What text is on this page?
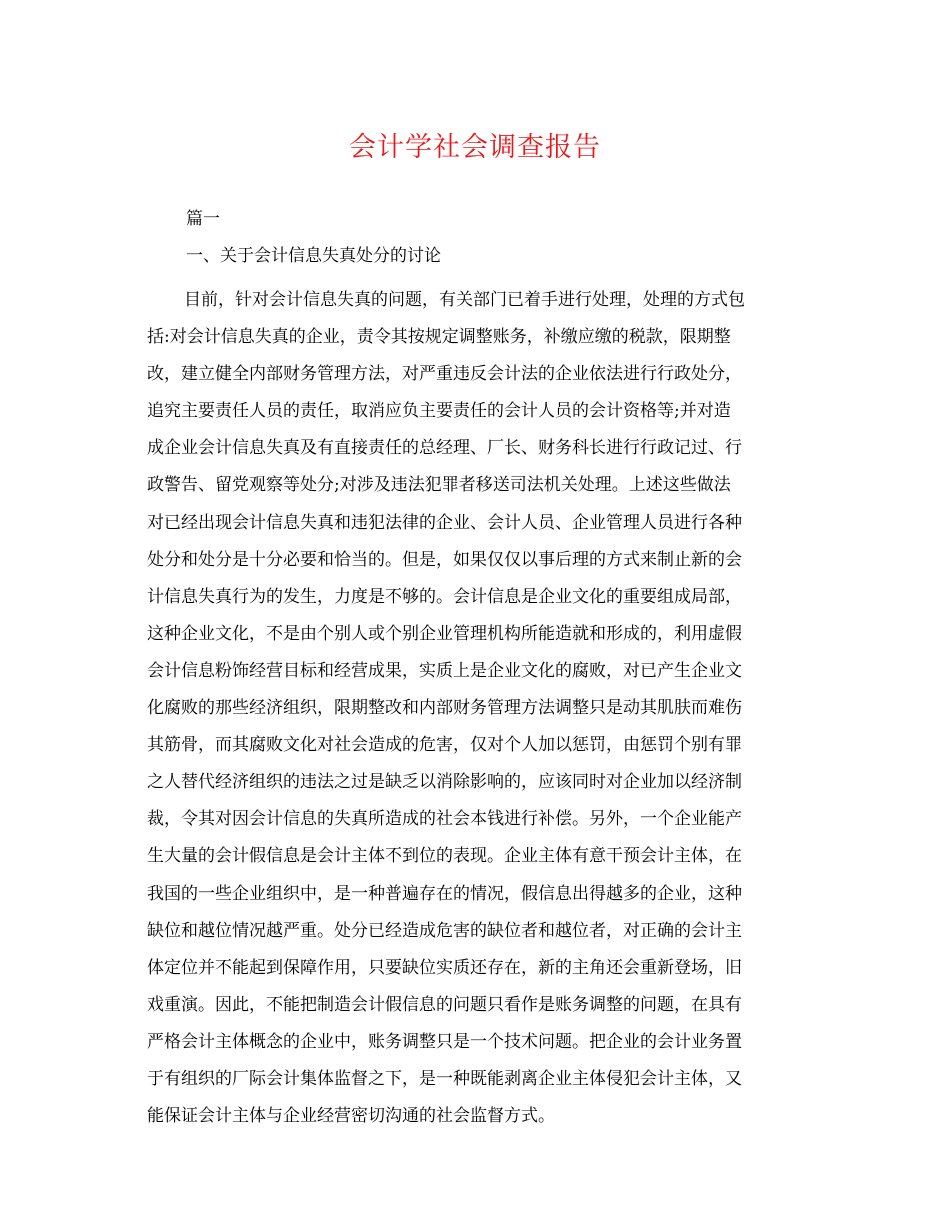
会计学社会调查报告
篇一
一、关于会计信息失真处分的讨论
目前，针对会计信息失真的问题，有关部门已着手进行处理，处理的方式包
括:对会计信息失真的企业，责令其按规定调整账务，补缴应缴的税款，限期整
改，建立健全内部财务管理方法，对严重违反会计法的企业依法进行行政处分，
追究主要责任人员的责任，取消应负主要责任的会计人员的会计资格等;并对造
成企业会计信息失真及有直接责任的总经理、厂长、财务科长进行行政记过、行
政警告、留党观察等处分;对涉及违法犯罪者移送司法机关处理。上述这些做法
对已经出现会计信息失真和违犯法律的企业、会计人员、企业管理人员进行各种
处分和处分是十分必要和恰当的。但是，如果仅仅以事后理的方式来制止新的会
计信息失真行为的发生，力度是不够的。会计信息是企业文化的重要组成局部，
这种企业文化，不是由个别人或个别企业管理机构所能造就和形成的，利用虚假
会计信息粉饰经营目标和经营成果，实质上是企业文化的腐败，对已产生企业文
化腐败的那些经济组织，限期整改和内部财务管理方法调整只是动其肌肤而难伤
其筋骨，而其腐败文化对社会造成的危害，仅对个人加以惩罚，由惩罚个别有罪
之人替代经济组织的违法之过是缺乏以消除影响的，应该同时对企业加以经济制
裁，令其对因会计信息的失真所造成的社会本钱进行补偿。另外，一个企业能产
生大量的会计假信息是会计主体不到位的表现。企业主体有意干预会计主体，在
我国的一些企业组织中，是一种普遍存在的情况，假信息出得越多的企业，这种
缺位和越位情况越严重。处分已经造成危害的缺位者和越位者，对正确的会计主
体定位并不能起到保障作用，只要缺位实质还存在，新的主角还会重新登场，旧
戏重演。因此，不能把制造会计假信息的问题只看作是账务调整的问题，在具有
严格会计主体概念的企业中，账务调整只是一个技术问题。把企业的会计业务置
于有组织的厂际会计集体监督之下，是一种既能剥离企业主体侵犯会计主体，又
能保证会计主体与企业经营密切沟通的社会监督方式。
